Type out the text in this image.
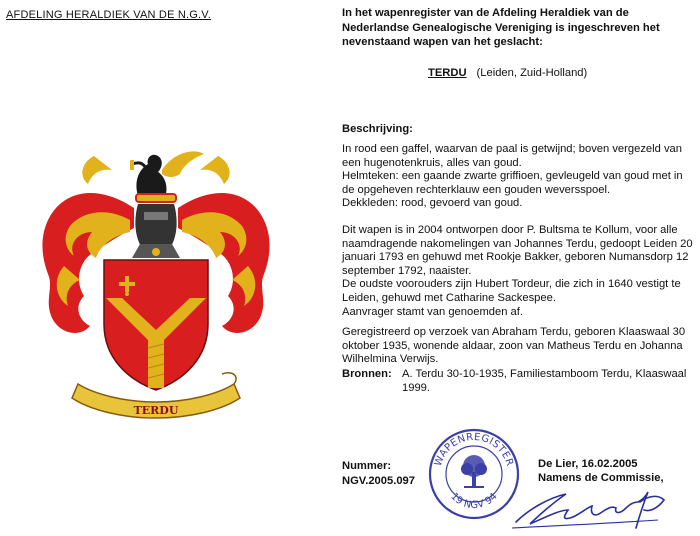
AFDELING HERALDIEK VAN DE N.G.V.	In het wapenregister van de Afdeling Heraldiek van de Nederlandse Genealogische Vereniging is ingeschreven het nevenstaand wapen van het geslacht:
TERDU (Leiden, Zuid-Holland)
Beschrijving:
In rood een gaffel, waarvan de paal is getwijnd; boven vergezeld van een hugenotenkruis, alles van goud.
Helmteken: een gaande zwarte griffioen, gevleugeld van goud met in de opgeheven rechterklauw een gouden weversspoel.
Dekkleden: rood, gevoerd van goud.
Dit wapen is in 2004 ontworpen door P. Bultsma te Kollum, voor alle naamdragende nakomelingen van Johannes Terdu, gedoopt Leiden 20 januari 1793 en gehuwd met Rookje Bakker, geboren Numansdorp 12 september 1792, naaister.
De oudste voorouders zijn Hubert Tordeur, die zich in 1640 vestigt te Leiden, gehuwd met Catharine Sackespee.
Aanvrager stamt van genoemden af.
Geregistreerd op verzoek van Abraham Terdu, geboren Klaaswaal 30 oktober 1935, wonende aldaar, zoon van Matheus Terdu en Johanna Wilhelmina Verwijs.
Bronnen: A. Terdu 30-10-1935, Familiestamboom Terdu, Klaaswaal
1999.
Nummer:
NGV.2005.097
De Lier, 16.02.2005
Namens de Commissie,
WAPENREGISTER
19 NGV 94
TERDU
